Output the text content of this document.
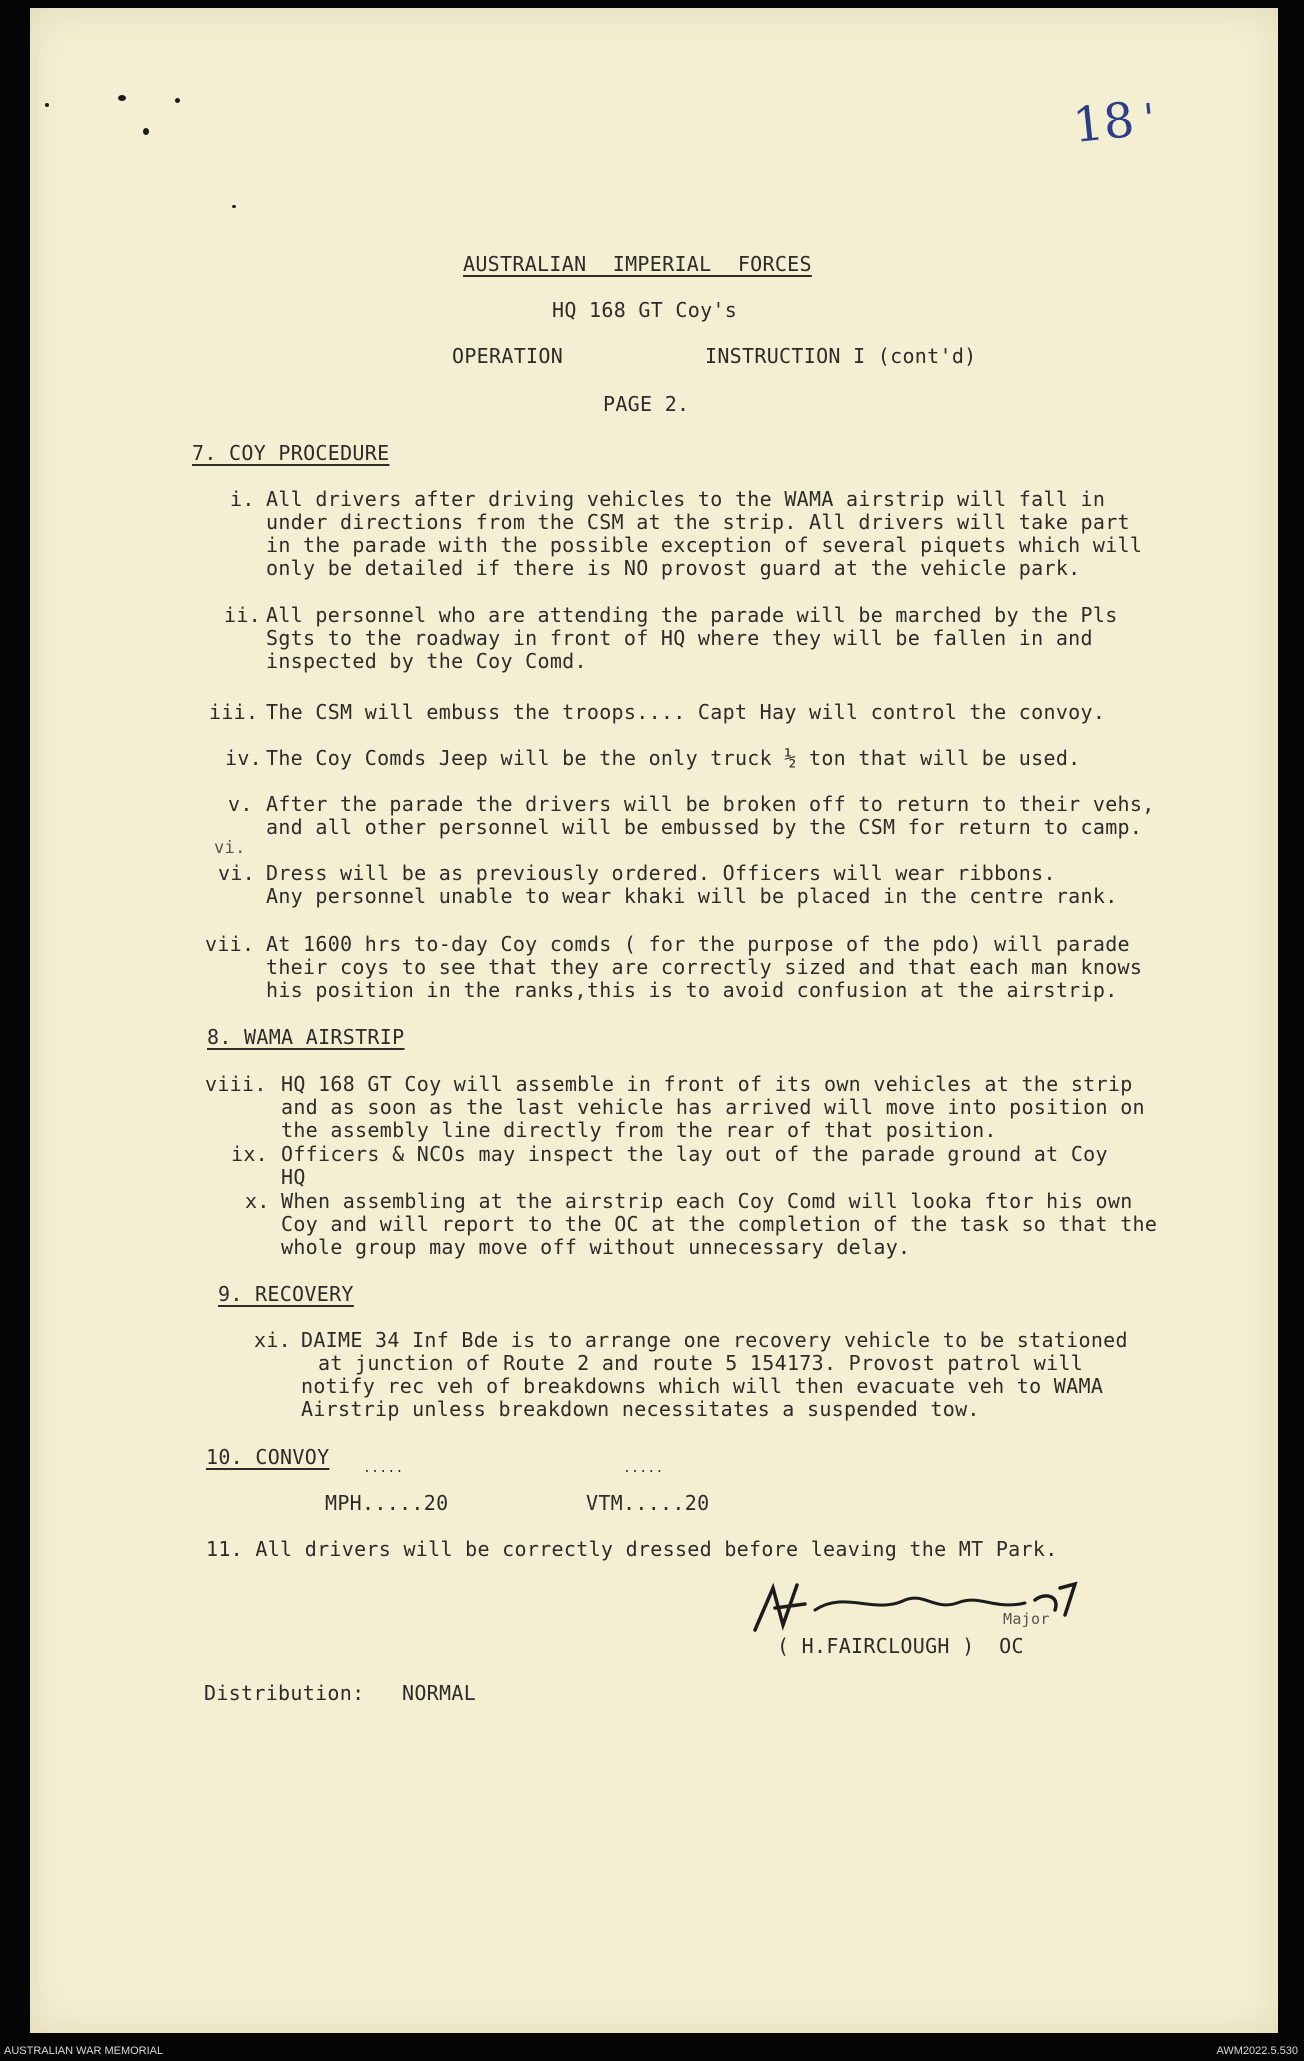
18 '
AUSTRALIAN IMPERIAL FORCES
HQ 168 GT Coy's
OPERATION	INSTRUCTION I (cont'd)
PAGE 2.
7. COY PROCEDURE
i. All drivers after driving vehicles to the WAMA airstrip will fall in
under directions from the CSM at the strip. All drivers will take part
in the parade with the possible exception of several piquets which will
only be detailed if there is NO provost guard at the vehicle park.
ii. All personnel who are attending the parade will be marched by the Pls
Sgts to the roadway in front of HQ where they will be fallen in and
inspected by the Coy Comd.
iii. The CSM will embuss the troops.... Capt Hay will control the convoy.
iv. The Coy Comds Jeep will be the only truck ½ ton that will be used.
v. After the parade the drivers will be broken off to return to their vehs,
and all other personnel will be embussed by the CSM for return to camp.
vi.
vi. Dress will be as previously ordered. Officers will wear ribbons.
Any personnel unable to wear khaki will be placed in the centre rank.
vii. At 1600 hrs to-day Coy comds ( for the purpose of the pdo) will parade
their coys to see that they are correctly sized and that each man knows
his position in the ranks,this is to avoid confusion at the airstrip.
8. WAMA AIRSTRIP
viii. HQ 168 GT Coy will assemble in front of its own vehicles at the strip
and as soon as the last vehicle has arrived will move into position on
the assembly line directly from the rear of that position.
ix. Officers & NCOs may inspect the lay out of the parade ground at Coy
HQ
x. When assembling at the airstrip each Coy Comd will looka ftor his own
Coy and will report to the OC at the completion of the task so that the
whole group may move off without unnecessary delay.
9. RECOVERY
xi. DAIME 34 Inf Bde is to arrange one recovery vehicle to be stationed
at junction of Route 2 and route 5 154173. Provost patrol will
notify rec veh of breakdowns which will then evacuate veh to WAMA
Airstrip unless breakdown necessitates a suspended tow.
10. CONVOY	.....	.....
MPH.....20	VTM.....20
11. All drivers will be correctly dressed before leaving the MT Park.
Major
( H.FAIRCLOUGH )  OC
Distribution: NORMAL
AUSTRALIAN WAR MEMORIAL	AWM2022.5.530
